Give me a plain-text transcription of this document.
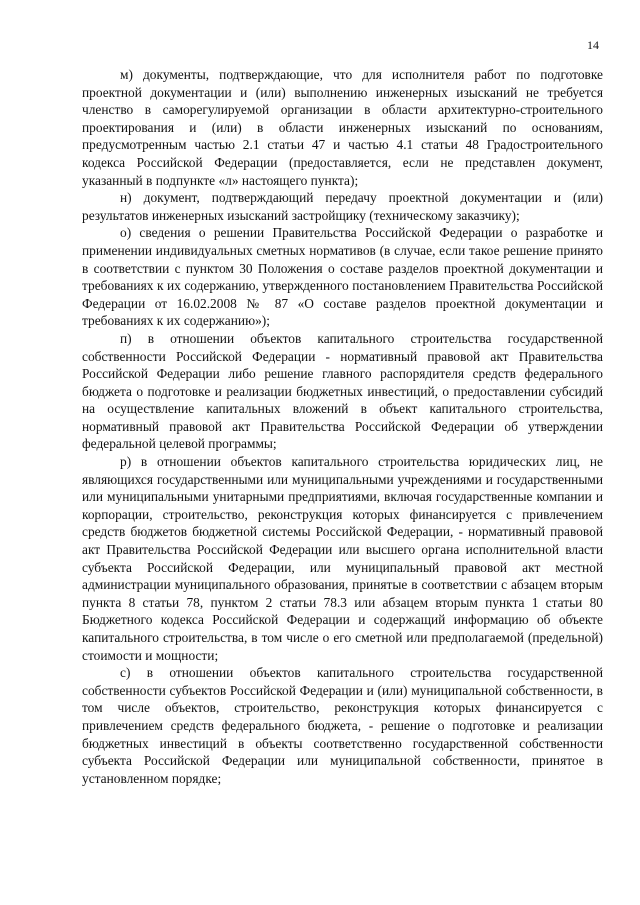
14

м) документы, подтверждающие, что для исполнителя работ по подготовке проектной документации и (или) выполнению инженерных изысканий не требуется членство в саморегулируемой организации в области архитектурно-строительного проектирования и (или) в области инженерных изысканий по основаниям, предусмотренным частью 2.1 статьи 47 и частью 4.1 статьи 48 Градостроительного кодекса Российской Федерации (предоставляется, если не представлен документ, указанный в подпункте «л» настоящего пункта);

н) документ, подтверждающий передачу проектной документации и (или) результатов инженерных изысканий застройщику (техническому заказчику);

о) сведения о решении Правительства Российской Федерации о разработке и применении индивидуальных сметных нормативов (в случае, если такое решение принято в соответствии с пунктом 30 Положения о составе разделов проектной документации и требованиях к их содержанию, утвержденного постановлением Правительства Российской Федерации от 16.02.2008 № 87 «О составе разделов проектной документации и требованиях к их содержанию»);

п) в отношении объектов капитального строительства государственной собственности Российской Федерации - нормативный правовой акт Правительства Российской Федерации либо решение главного распорядителя средств федерального бюджета о подготовке и реализации бюджетных инвестиций, о предоставлении субсидий на осуществление капитальных вложений в объект капитального строительства, нормативный правовой акт Правительства Российской Федерации об утверждении федеральной целевой программы;

р) в отношении объектов капитального строительства юридических лиц, не являющихся государственными или муниципальными учреждениями и государственными или муниципальными унитарными предприятиями, включая государственные компании и корпорации, строительство, реконструкция которых финансируется с привлечением средств бюджетов бюджетной системы Российской Федерации, - нормативный правовой акт Правительства Российской Федерации или высшего органа исполнительной власти субъекта Российской Федерации, или муниципальный правовой акт местной администрации муниципального образования, принятые в соответствии с абзацем вторым пункта 8 статьи 78, пунктом 2 статьи 78.3 или абзацем вторым пункта 1 статьи 80 Бюджетного кодекса Российской Федерации и содержащий информацию об объекте капитального строительства, в том числе о его сметной или предполагаемой (предельной) стоимости и мощности;

с) в отношении объектов капитального строительства государственной собственности субъектов Российской Федерации и (или) муниципальной собственности, в том числе объектов, строительство, реконструкция которых финансируется с привлечением средств федерального бюджета, - решение о подготовке и реализации бюджетных инвестиций в объекты соответственно государственной собственности субъекта Российской Федерации или муниципальной собственности, принятое в установленном порядке;
